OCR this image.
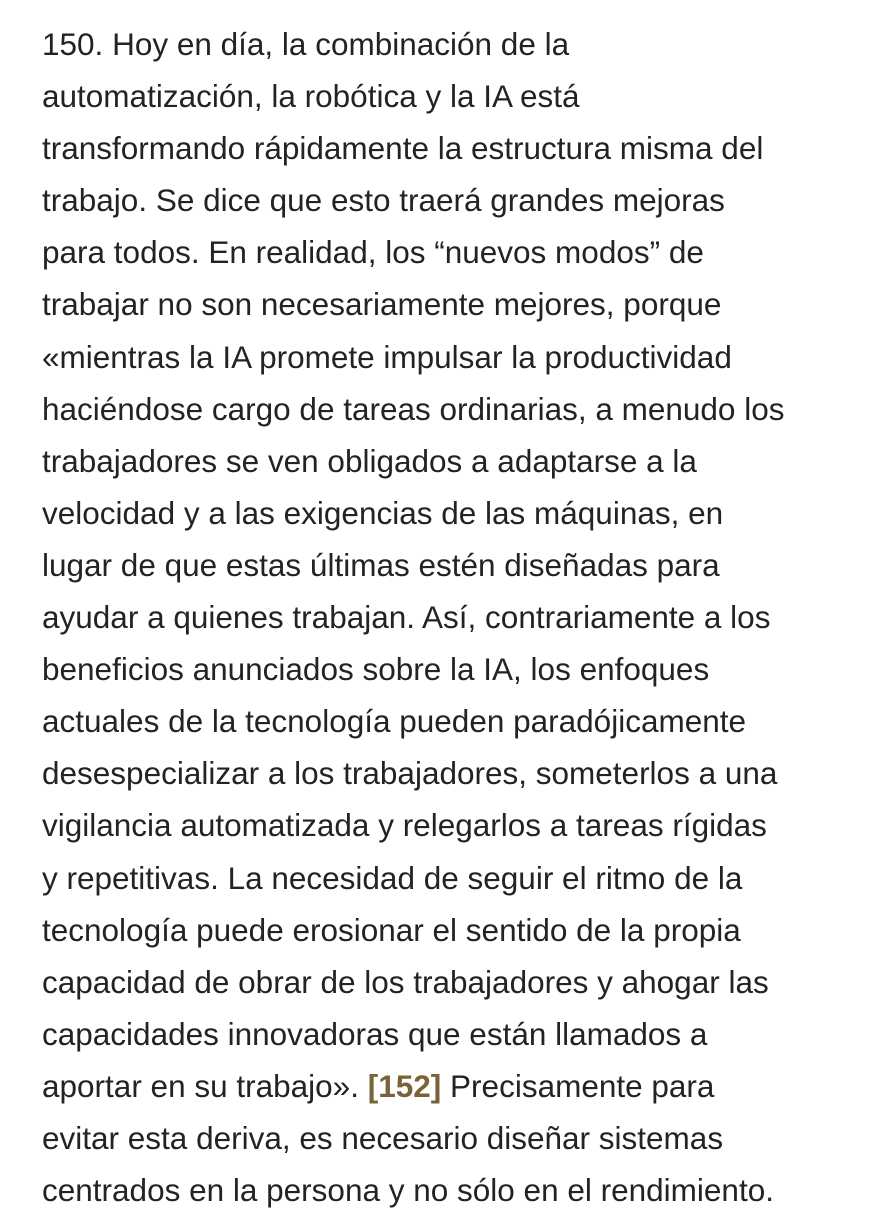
150. Hoy en día, la combinación de la
automatización, la robótica y la IA está
transformando rápidamente la estructura misma del
trabajo. Se dice que esto traerá grandes mejoras
para todos. En realidad, los “nuevos modos” de
trabajar no son necesariamente mejores, porque
«mientras la IA promete impulsar la productividad
haciéndose cargo de tareas ordinarias, a menudo los
trabajadores se ven obligados a adaptarse a la
velocidad y a las exigencias de las máquinas, en
lugar de que estas últimas estén diseñadas para
ayudar a quienes trabajan. Así, contrariamente a los
beneficios anunciados sobre la IA, los enfoques
actuales de la tecnología pueden paradójicamente
desespecializar a los trabajadores, someterlos a una
vigilancia automatizada y relegarlos a tareas rígidas
y repetitivas. La necesidad de seguir el ritmo de la
tecnología puede erosionar el sentido de la propia
capacidad de obrar de los trabajadores y ahogar las
capacidades innovadoras que están llamados a
aportar en su trabajo». [152] Precisamente para
evitar esta deriva, es necesario diseñar sistemas
centrados en la persona y no sólo en el rendimiento.
